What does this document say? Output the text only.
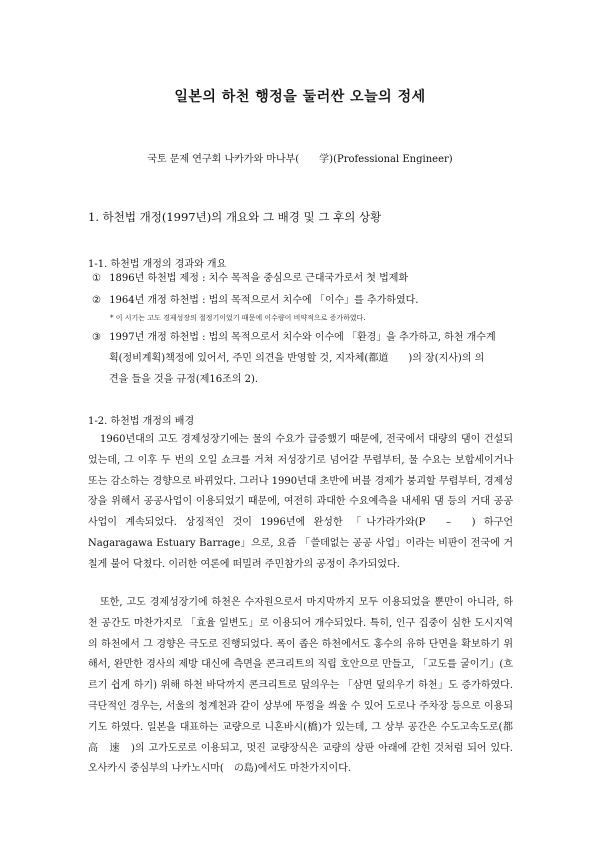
일본의 하천 행정을 둘러싼 오늘의 정세
국토 문제 연구회 나카가와 마나부(　　学)(Professional Engineer)
1. 하천법 개정(1997년)의 개요와 그 배경 및 그 후의 상황
1-1. 하천법 개정의 경과와 개요
① 1896년 하천법 제정 : 치수 목적을 중심으로 근대국가로서 첫 법제화
② 1964년 개정 하천법 : 법의 목적으로서 치수에 「이수」를 추가하였다.
* 이 시기는 고도 경제성장의 절정기이었기 때문에 이수량이 비약적으로 증가하였다.
③ 1997년 개정 하천법 : 법의 목적으로서 치수와 이수에 「환경」을 추가하고, 하천 개수계
획(정비계획)책정에 있어서, 주민 의견을 반영할 것, 지자체(都道　　)의 장(지사)의 의
견을 들을 것을 규정(제16조의 2).
1-2. 하천법 개정의 배경
1960년대의 고도 경제성장기에는 물의 수요가 급증했기 때문에, 전국에서 대량의 댐이 건설되었는데, 그 이후 두 번의 오일 쇼크를 거쳐 저성장기로 넘어갈 무렵부터, 물 수요는 보합세이거나 또는 감소하는 경향으로 바뀌었다. 그러나 1990년대 초반에 버블 경제가 붕괴할 무렵부터, 경제성장을 위해서 공공사업이 이용되었기 때문에, 여전히 과대한 수요예측을 내세워 댐 등의 거대 공공사업이 계속되었다. 상징적인 것이 1996년에 완성한 「나가라가와(P　–　) 하구언 Nagaragawa Estuary Barrage」으로, 요즘 「쓸데없는 공공 사업」이라는 비판이 전국에 거칠게 불어 닥쳤다. 이러한 여론에 떠밀려 주민참가의 공정이 추가되었다.
또한, 고도 경제성장기에 하천은 수자원으로서 마지막까지 모두 이용되었을 뿐만이 아니라, 하천 공간도 마찬가지로 「효율 일변도」로 이용되어 개수되었다. 특히, 인구 집중이 심한 도시지역의 하천에서 그 경향은 극도로 진행되었다. 폭이 좁은 하천에서도 홍수의 유하 단면을 확보하기 위해서, 완만한 경사의 제방 대신에 측면을 콘크리트의 직립 호안으로 만들고, 「고도를 굴이기」(흐르기 쉽게 하기) 위해 하천 바닥까지 콘크리트로 덮의우는 「삼면 덮의우기 하천」도 증가하였다. 극단적인 경우는, 서울의 청계천과 같이 상부에 뚜껑을 씌울 수 있어 도로나 주차장 등으로 이용되기도 하였다. 일본을 대표하는 교량으로 니혼바시(橋)가 있는데, 그 상부 공간은 수도고속도로(都高　速　)의 고가도로로 이용되고, 멋진 교량장식은 교량의 상판 아래에 갇힌 것처럼 되어 있다. 오사카시 중심부의 나카노시마(　の島)에서도 마찬가지이다.
